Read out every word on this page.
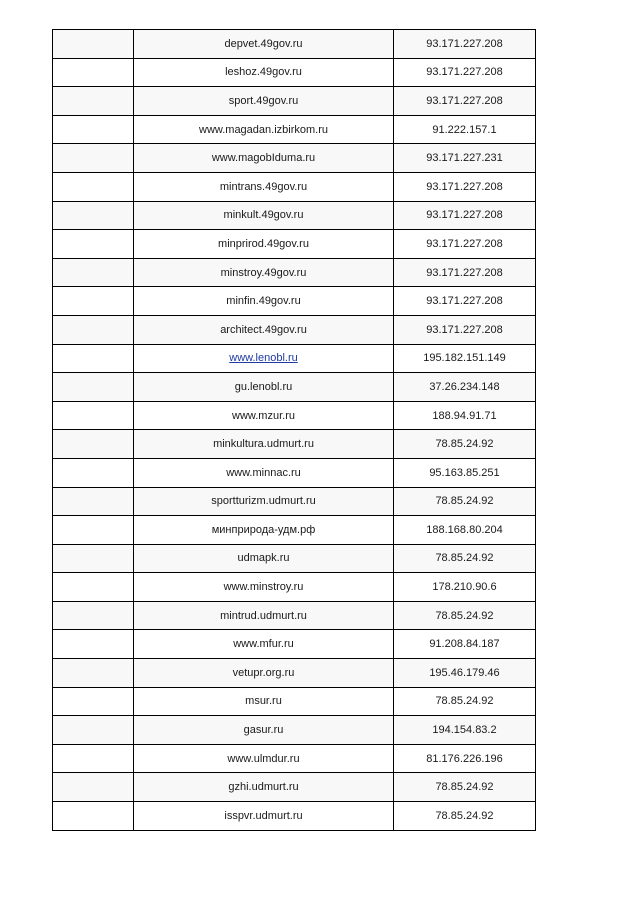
	depvet.49gov.ru	93.171.227.208
	leshoz.49gov.ru	93.171.227.208
	sport.49gov.ru	93.171.227.208
	www.magadan.izbirkom.ru	91.222.157.1
	www.magobIduma.ru	93.171.227.231
	mintrans.49gov.ru	93.171.227.208
	minkult.49gov.ru	93.171.227.208
	minprirod.49gov.ru	93.171.227.208
	minstroy.49gov.ru	93.171.227.208
	minfin.49gov.ru	93.171.227.208
	architect.49gov.ru	93.171.227.208
	www.lenobl.ru	195.182.151.149
	gu.lenobl.ru	37.26.234.148
	www.mzur.ru	188.94.91.71
	minkultura.udmurt.ru	78.85.24.92
	www.minnac.ru	95.163.85.251
	sportturizm.udmurt.ru	78.85.24.92
	минприрода-удм.рф	188.168.80.204
	udmapk.ru	78.85.24.92
	www.minstroy.ru	178.210.90.6
	mintrud.udmurt.ru	78.85.24.92
	www.mfur.ru	91.208.84.187
	vetupr.org.ru	195.46.179.46
	msur.ru	78.85.24.92
	gasur.ru	194.154.83.2
	www.ulmdur.ru	81.176.226.196
	gzhi.udmurt.ru	78.85.24.92
	isspvr.udmurt.ru	78.85.24.92
